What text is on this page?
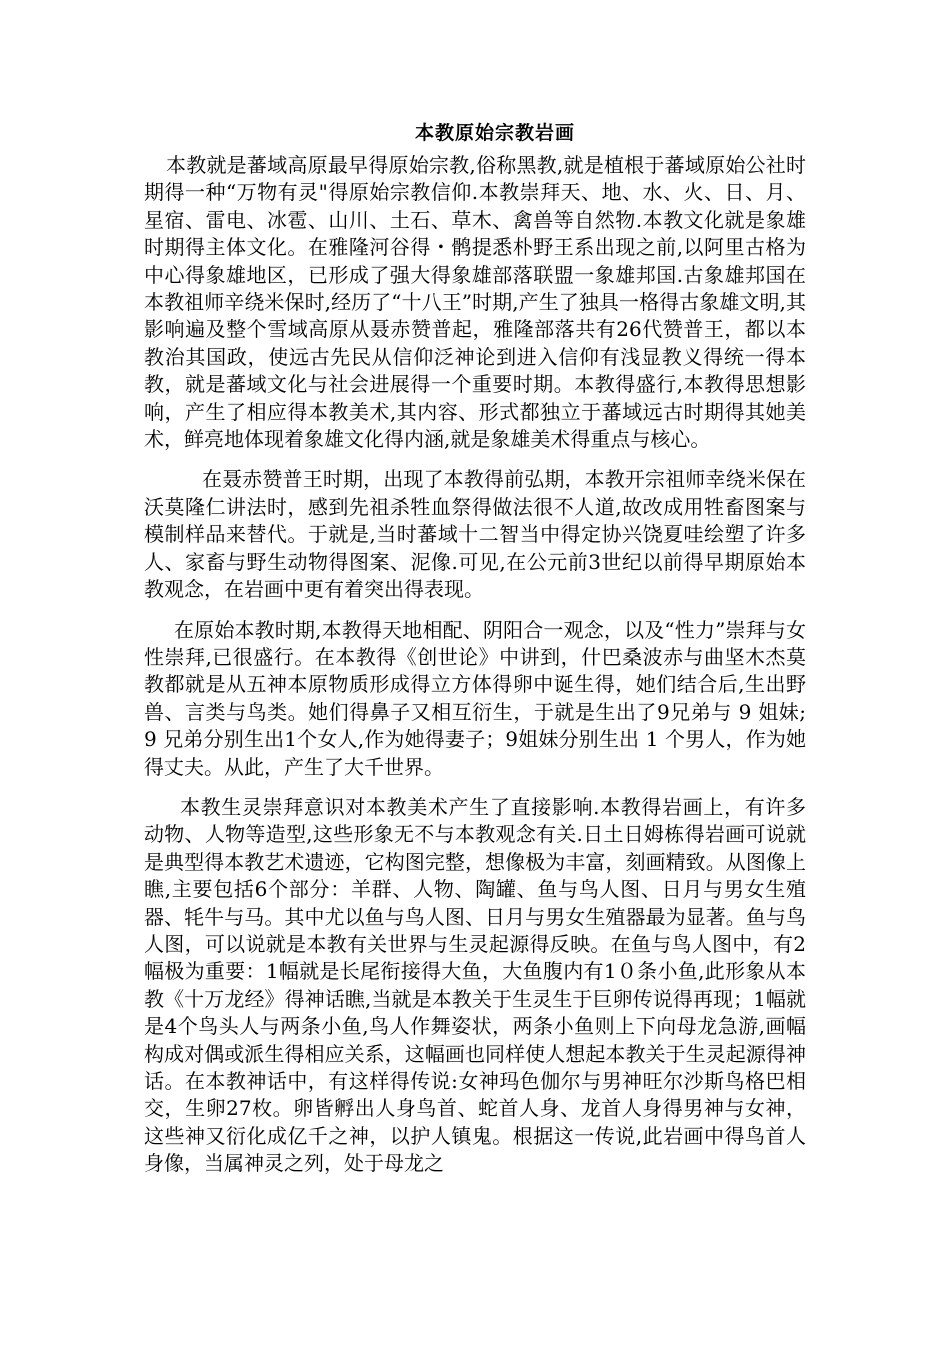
本教原始宗教岩画

本教就是蕃域高原最早得原始宗教,俗称黑教,就是植根于蕃域原始公社时期得一种“万物有灵"得原始宗教信仰.本教崇拜天、地、水、火、日、月、星宿、雷电、冰雹、山川、土石、草木、禽兽等自然物.本教文化就是象雄时期得主体文化。在雅隆河谷得・鹘提悉朴野王系出现之前,以阿里古格为中心得象雄地区，已形成了强大得象雄部落联盟一象雄邦国.古象雄邦国在本教祖师辛绕米保时,经历了“十八王”时期,产生了独具一格得古象雄文明,其影响遍及整个雪域高原从聂赤赞普起，雅隆部落共有26代赞普王，都以本教治其国政，使远古先民从信仰泛神论到进入信仰有浅显教义得统一得本教，就是蕃域文化与社会进展得一个重要时期。本教得盛行,本教得思想影响，产生了相应得本教美术,其内容、形式都独立于蕃域远古时期得其她美术，鲜亮地体现着象雄文化得内涵,就是象雄美术得重点与核心。

在聂赤赞普王时期，出现了本教得前弘期，本教开宗祖师幸绕米保在沃莫隆仁讲法时，感到先祖杀牲血祭得做法很不人道,故改成用牲畜图案与模制样品来替代。于就是,当时蕃域十二智当中得定协兴饶夏哇绘塑了许多人、家畜与野生动物得图案、泥像.可见,在公元前3世纪以前得早期原始本教观念，在岩画中更有着突出得表现。

在原始本教时期,本教得天地相配、阴阳合一观念，以及“性力”崇拜与女性崇拜,已很盛行。在本教得《创世论》中讲到，什巴桑波赤与曲坚木杰莫教都就是从五神本原物质形成得立方体得卵中诞生得，她们结合后,生出野兽、言类与鸟类。她们得鼻子又相互衍生，于就是生出了9兄弟与 9 姐妹; 9 兄弟分别生出1个女人,作为她得妻子；9姐妹分别生出 1 个男人，作为她得丈夫。从此，产生了大千世界。

本教生灵崇拜意识对本教美术产生了直接影响.本教得岩画上，有许多动物、人物等造型,这些形象无不与本教观念有关.日土日姆栋得岩画可说就是典型得本教艺术遗迹，它构图完整，想像极为丰富，刻画精致。从图像上瞧,主要包括6个部分：羊群、人物、陶罐、鱼与鸟人图、日月与男女生殖器、牦牛与马。其中尤以鱼与鸟人图、日月与男女生殖器最为显著。鱼与鸟人图，可以说就是本教有关世界与生灵起源得反映。在鱼与鸟人图中，有2幅极为重要：1幅就是长尾衔接得大鱼，大鱼腹内有1０条小鱼,此形象从本教《十万龙经》得神话瞧,当就是本教关于生灵生于巨卵传说得再现；1幅就是4个鸟头人与两条小鱼,鸟人作舞姿状，两条小鱼则上下向母龙急游,画幅构成对偶或派生得相应关系，这幅画也同样使人想起本教关于生灵起源得神话。在本教神话中，有这样得传说:女神玛色伽尔与男神旺尔沙斯鸟格巴相交，生卵27枚。卵皆孵出人身鸟首、蛇首人身、龙首人身得男神与女神，这些神又衍化成亿千之神，以护人镇鬼。根据这一传说,此岩画中得鸟首人身像，当属神灵之列，处于母龙之
